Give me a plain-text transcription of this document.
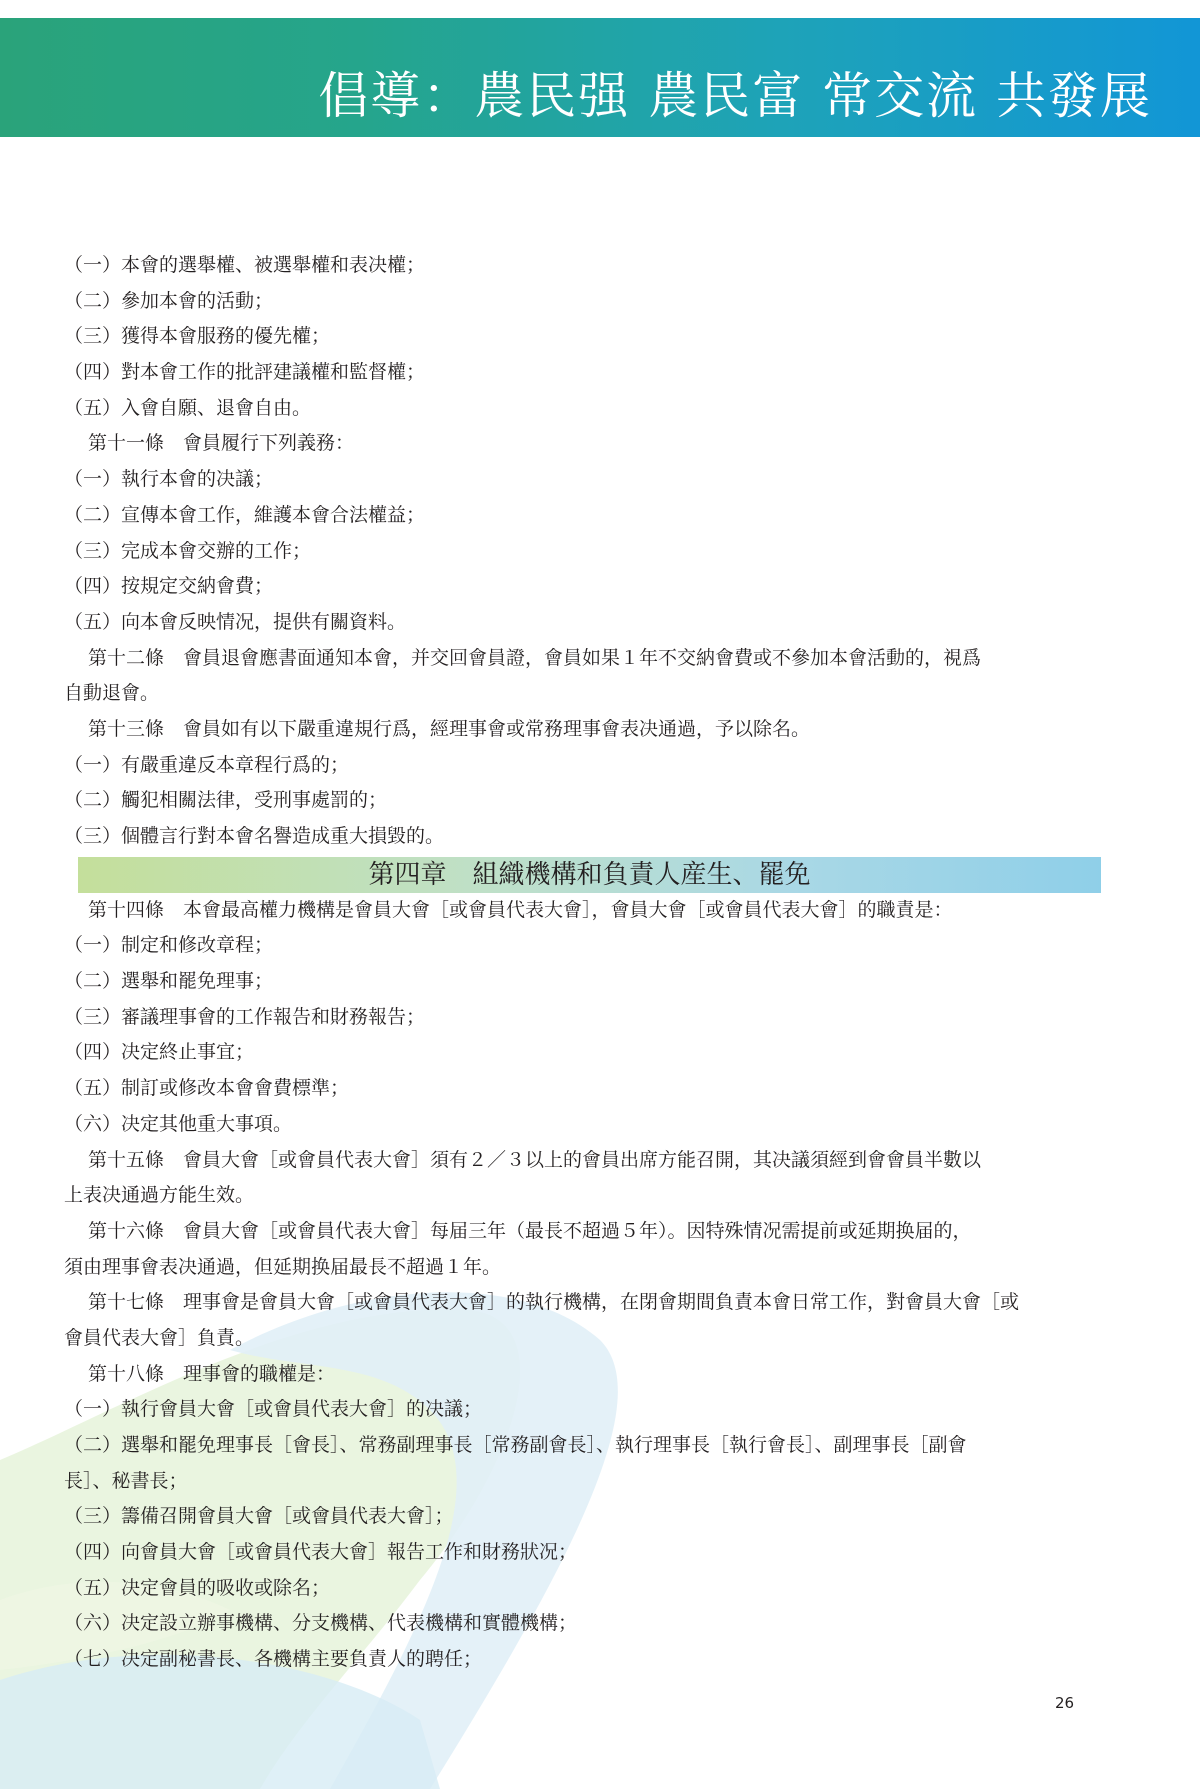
倡導：農民强 農民富 常交流 共發展
（一）本會的選舉權、被選舉權和表决權；
（二）參加本會的活動；
（三）獲得本會服務的優先權；
（四）對本會工作的批評建議權和監督權；
（五）入會自願、退會自由。
第十一條　會員履行下列義務：
（一）執行本會的决議；
（二）宣傳本會工作，維護本會合法權益；
（三）完成本會交辦的工作；
（四）按規定交納會費；
（五）向本會反映情况，提供有關資料。
第十二條　會員退會應書面通知本會，并交回會員證，會員如果１年不交納會費或不參加本會活動的，視爲
自動退會。
第十三條　會員如有以下嚴重違規行爲，經理事會或常務理事會表决通過，予以除名。
（一）有嚴重違反本章程行爲的；
（二）觸犯相關法律，受刑事處罰的；
（三）個體言行對本會名譽造成重大損毀的。
第四章　組織機構和負責人産生、罷免
第十四條　本會最高權力機構是會員大會［或會員代表大會］，會員大會［或會員代表大會］的職責是：
（一）制定和修改章程；
（二）選舉和罷免理事；
（三）審議理事會的工作報告和財務報告；
（四）决定終止事宜；
（五）制訂或修改本會會費標準；
（六）决定其他重大事項。
第十五條　會員大會［或會員代表大會］須有２／３以上的會員出席方能召開，其决議須經到會會員半數以
上表决通過方能生效。
第十六條　會員大會［或會員代表大會］每届三年（最長不超過５年）。因特殊情况需提前或延期换届的，
須由理事會表决通過，但延期换届最長不超過１年。
第十七條　理事會是會員大會［或會員代表大會］的執行機構，在閉會期間負責本會日常工作，對會員大會［或
會員代表大會］負責。
第十八條　理事會的職權是：
（一）執行會員大會［或會員代表大會］的决議；
（二）選舉和罷免理事長［會長］、常務副理事長［常務副會長］、執行理事長［執行會長］、副理事長［副會
長］、秘書長；
（三）籌備召開會員大會［或會員代表大會］；
（四）向會員大會［或會員代表大會］報告工作和財務狀况；
（五）决定會員的吸收或除名；
（六）决定設立辦事機構、分支機構、代表機構和實體機構；
（七）决定副秘書長、各機構主要負責人的聘任；
26
